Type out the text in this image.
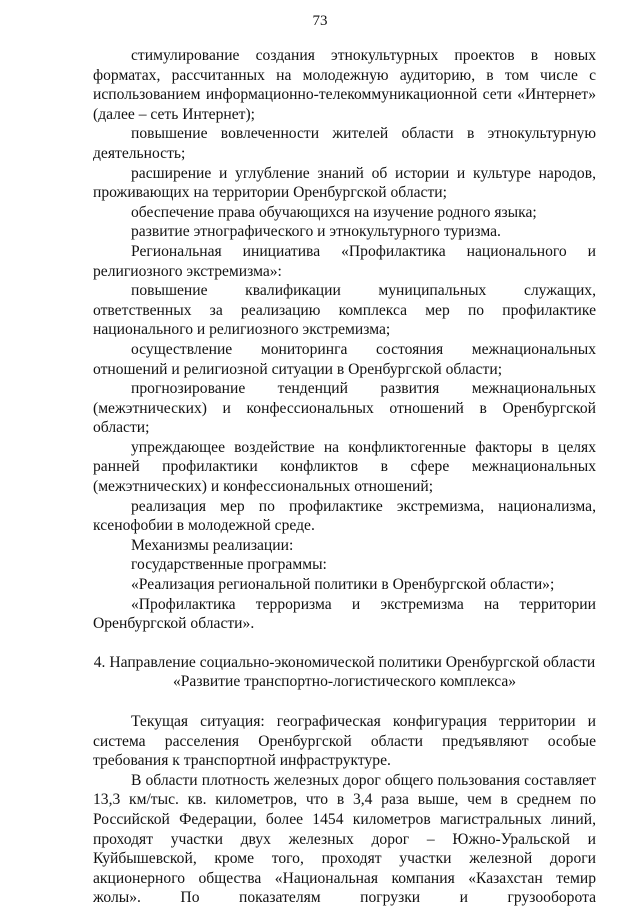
73

стимулирование создания этнокультурных проектов в новых форматах, рассчитанных на молодежную аудиторию, в том числе с использованием информационно-телекоммуникационной сети «Интернет» (далее – сеть Интернет);

повышение вовлеченности жителей области в этнокультурную деятельность;

расширение и углубление знаний об истории и культуре народов, проживающих на территории Оренбургской области;

обеспечение права обучающихся на изучение родного языка;

развитие этнографического и этнокультурного туризма.

Региональная инициатива «Профилактика национального и религиозного экстремизма»:

повышение квалификации муниципальных служащих, ответственных за реализацию комплекса мер по профилактике национального и религиозного экстремизма;

осуществление мониторинга состояния межнациональных отношений и религиозной ситуации в Оренбургской области;

прогнозирование тенденций развития межнациональных (межэтнических) и конфессиональных отношений в Оренбургской области;

упреждающее воздействие на конфликтогенные факторы в целях ранней профилактики конфликтов в сфере межнациональных (межэтнических) и конфессиональных отношений;

реализация мер по профилактике экстремизма, национализма, ксенофобии в молодежной среде.

Механизмы реализации:

государственные программы:

«Реализация региональной политики в Оренбургской области»;

«Профилактика терроризма и экстремизма на территории Оренбургской области».

4. Направление социально-экономической политики Оренбургской области

«Развитие транспортно-логистического комплекса»

Текущая ситуация: географическая конфигурация территории и система расселения Оренбургской области предъявляют особые требования к транспортной инфраструктуре.

В области плотность железных дорог общего пользования составляет 13,3 км/тыс. кв. километров, что в 3,4 раза выше, чем в среднем по Российской Федерации, более 1454 километров магистральных линий, проходят участки двух железных дорог – Южно-Уральской и Куйбышевской, кроме того, проходят участки железной дороги акционерного общества «Национальная компания «Казахстан темир жолы». По показателям погрузки и грузооборота
